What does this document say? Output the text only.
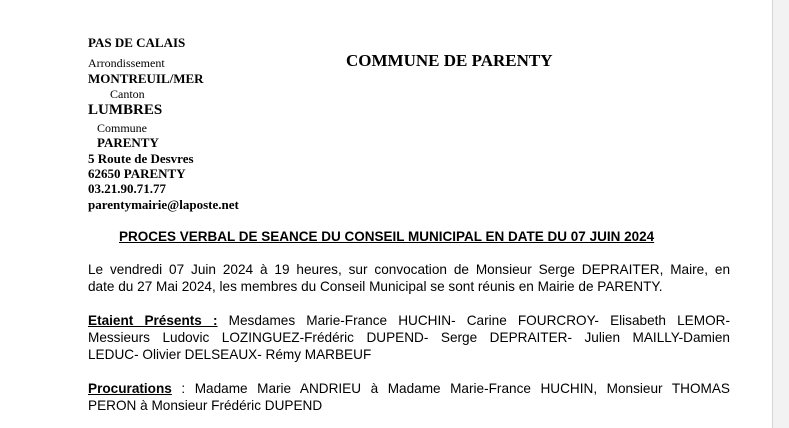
PAS DE CALAIS
Arrondissement
MONTREUIL/MER
Canton
LUMBRES
Commune
PARENTY
5 Route de Desvres
62650 PARENTY
03.21.90.71.77
parentymairie@laposte.net
COMMUNE DE PARENTY
PROCES VERBAL DE SEANCE DU CONSEIL MUNICIPAL EN DATE DU 07 JUIN 2024
Le vendredi 07 Juin 2024 à 19 heures, sur convocation de Monsieur Serge DEPRAITER, Maire, en
date du 27 Mai 2024, les membres du Conseil Municipal se sont réunis en Mairie de PARENTY.
Etaient Présents : Mesdames Marie-France HUCHIN- Carine FOURCROY- Elisabeth LEMOR-
Messieurs Ludovic LOZINGUEZ-Frédéric DUPEND- Serge DEPRAITER- Julien MAILLY-Damien
LEDUC- Olivier DELSEAUX- Rémy MARBEUF
Procurations : Madame Marie ANDRIEU à Madame Marie-France HUCHIN, Monsieur THOMAS
PERON à Monsieur Frédéric DUPEND
